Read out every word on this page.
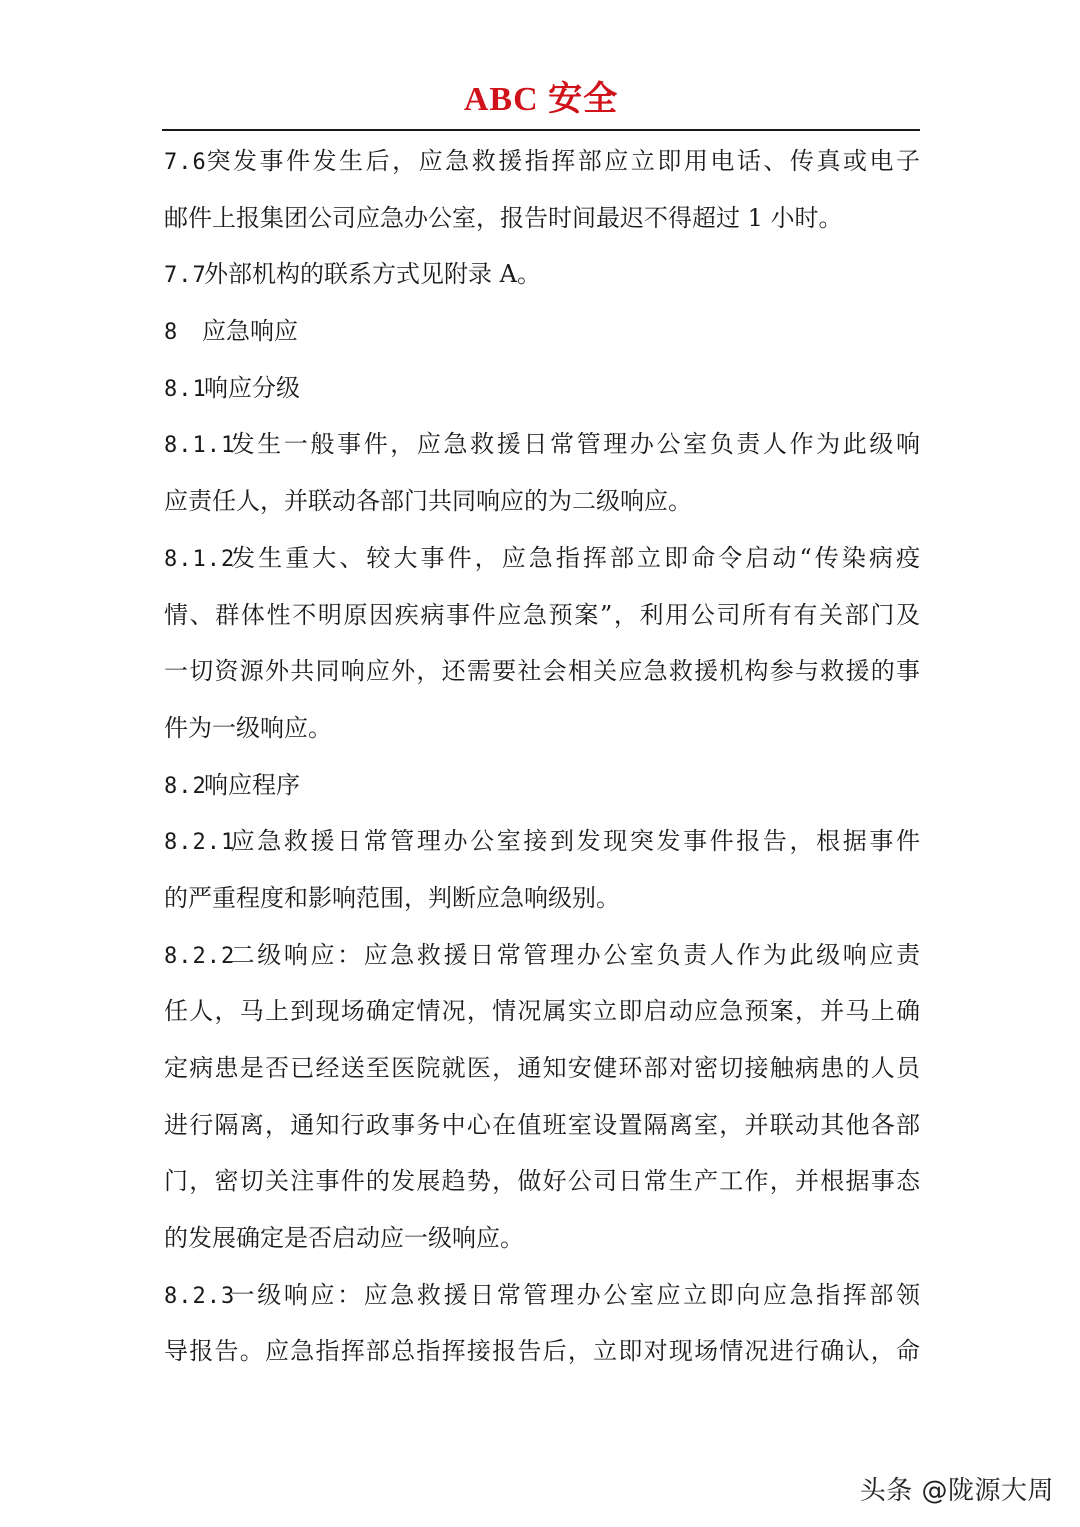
ABC 安全
7.6突发事件发生后，应急救援指挥部应立即用电话、传真或电子
邮件上报集团公司应急办公室，报告时间最迟不得超过 1 小时。
7.7外部机构的联系方式见附录 A。
8 应急响应
8.1响应分级
8.1.1发生一般事件，应急救援日常管理办公室负责人作为此级响
应责任人，并联动各部门共同响应的为二级响应。
8.1.2发生重大、较大事件，应急指挥部立即命令启动“传染病疫
情、群体性不明原因疾病事件应急预案”，利用公司所有有关部门及
一切资源外共同响应外，还需要社会相关应急救援机构参与救援的事
件为一级响应。
8.2响应程序
8.2.1应急救援日常管理办公室接到发现突发事件报告，根据事件
的严重程度和影响范围，判断应急响级别。
8.2.2二级响应：应急救援日常管理办公室负责人作为此级响应责
任人，马上到现场确定情况，情况属实立即启动应急预案，并马上确
定病患是否已经送至医院就医，通知安健环部对密切接触病患的人员
进行隔离，通知行政事务中心在值班室设置隔离室，并联动其他各部
门，密切关注事件的发展趋势，做好公司日常生产工作，并根据事态
的发展确定是否启动应一级响应。
8.2.3一级响应：应急救援日常管理办公室应立即向应急指挥部领
导报告。应急指挥部总指挥接报告后，立即对现场情况进行确认，命
头条 @陇源大周
